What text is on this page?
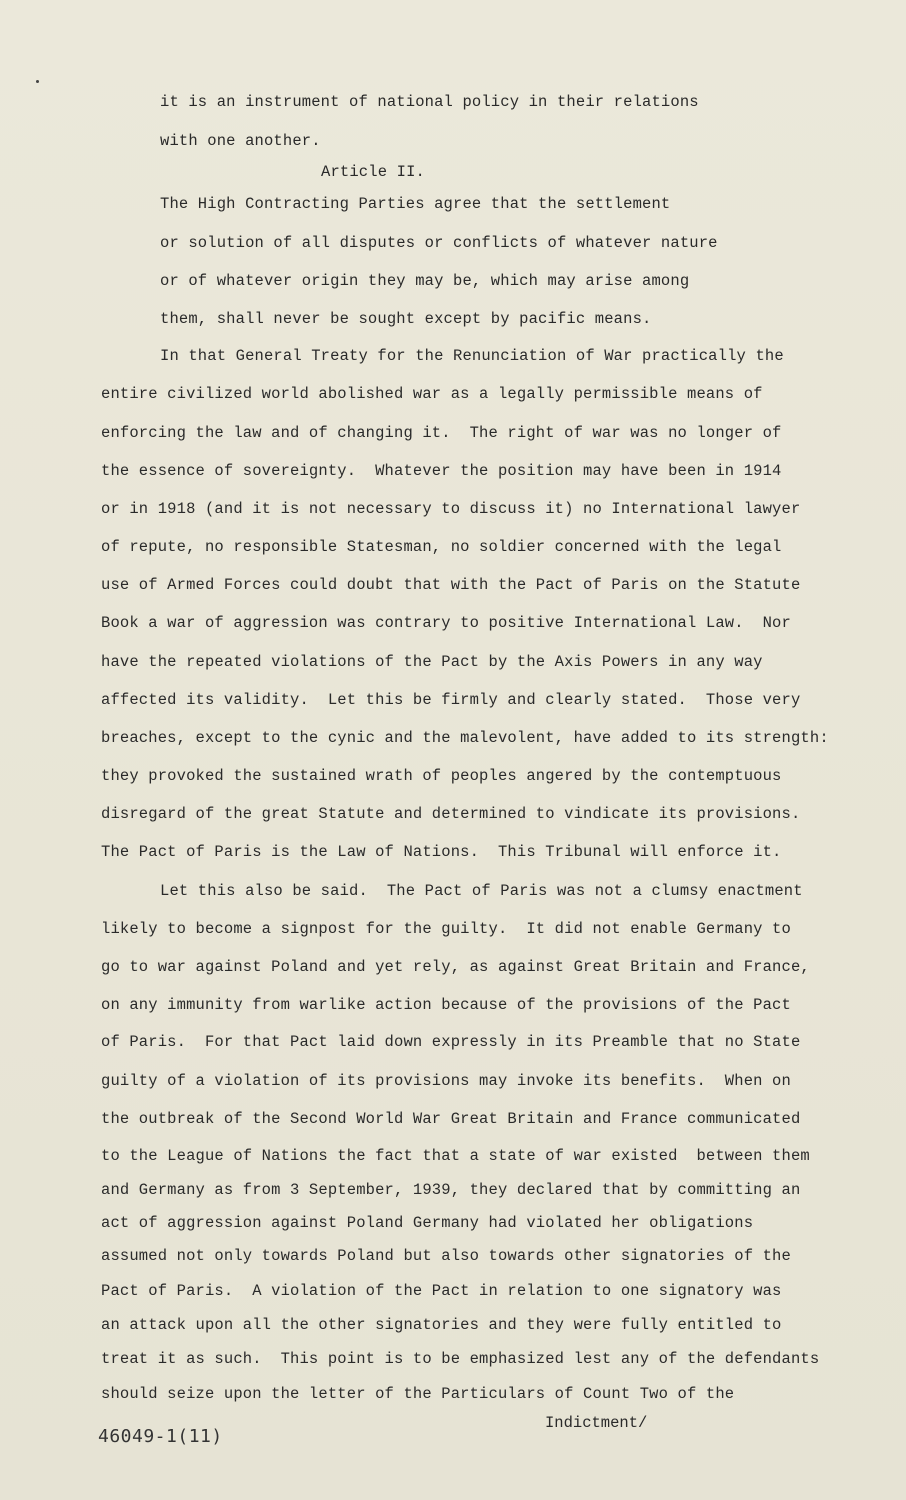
it is an instrument of national policy in their relations
with one another.
Article II.
The High Contracting Parties agree that the settlement
or solution of all disputes or conflicts of whatever nature
or of whatever origin they may be, which may arise among
them, shall never be sought except by pacific means.
In that General Treaty for the Renunciation of War practically the
entire civilized world abolished war as a legally permissible means of
enforcing the law and of changing it.  The right of war was no longer of
the essence of sovereignty.  Whatever the position may have been in 1914
or in 1918 (and it is not necessary to discuss it) no International lawyer
of repute, no responsible Statesman, no soldier concerned with the legal
use of Armed Forces could doubt that with the Pact of Paris on the Statute
Book a war of aggression was contrary to positive International Law.  Nor
have the repeated violations of the Pact by the Axis Powers in any way
affected its validity.  Let this be firmly and clearly stated.  Those very
breaches, except to the cynic and the malevolent, have added to its strength:
they provoked the sustained wrath of peoples angered by the contemptuous
disregard of the great Statute and determined to vindicate its provisions.
The Pact of Paris is the Law of Nations.  This Tribunal will enforce it.
Let this also be said.  The Pact of Paris was not a clumsy enactment
likely to become a signpost for the guilty.  It did not enable Germany to
go to war against Poland and yet rely, as against Great Britain and France,
on any immunity from warlike action because of the provisions of the Pact
of Paris.  For that Pact laid down expressly in its Preamble that no State
guilty of a violation of its provisions may invoke its benefits.  When on
the outbreak of the Second World War Great Britain and France communicated
to the League of Nations the fact that a state of war existed  between them
and Germany as from 3 September, 1939, they declared that by committing an
act of aggression against Poland Germany had violated her obligations
assumed not only towards Poland but also towards other signatories of the
Pact of Paris.  A violation of the Pact in relation to one signatory was
an attack upon all the other signatories and they were fully entitled to
treat it as such.  This point is to be emphasized lest any of the defendants
should seize upon the letter of the Particulars of Count Two of the
Indictment/
46049-1(11)
